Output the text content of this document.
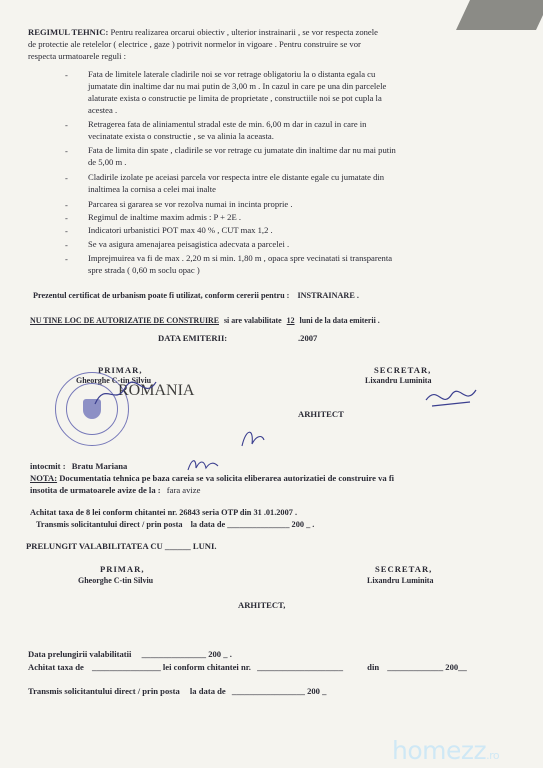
REGIMUL TEHNIC: Pentru realizarea orcarui obiectiv , ulterior instrainarii , se vor respecta zonele
de protectie ale retelelor ( electrice , gaze ) potrivit normelor in vigoare . Pentru construire se vor
respecta urmatoarele reguli :
- Fata de limitele laterale cladirile noi se vor retrage obligatoriu la o distanta egala cu
jumatate din inaltime dar nu mai putin de 3,00 m . In cazul in care pe una din parcelele
alaturate exista o constructie pe limita de proprietate , constructiile noi se pot cupla la
acestea .
- Retragerea fata de aliniamentul stradal este de min. 6,00 m dar in cazul in care in
vecinatate exista o constructie , se va alinia la aceasta.
- Fata de limita din spate , cladirile se vor retrage cu jumatate din inaltime dar nu mai putin
de 5,00 m .
- Cladirile izolate pe aceiasi parcela vor respecta intre ele distante egale cu jumatate din
inaltimea la cornisa a celei mai inalte
- Parcarea si gararea se vor rezolva numai in incinta proprie .
- Regimul de inaltime maxim admis : P + 2E .
- Indicatori urbanistici POT max 40 % , CUT max 1,2 .
- Se va asigura amenajarea peisagistica adecvata a parcelei .
- Imprejmuirea va fi de max . 2,20 m si min. 1,80 m , opaca spre vecinatati si transparenta
spre strada ( 0,60 m soclu opac )
Prezentul certificat de urbanism poate fi utilizat, conform cererii pentru : INSTRAINARE .
NU TINE LOC DE AUTORIZATIE DE CONSTRUIRE si are valabilitate 12 luni de la data emiterii .
DATA EMITERII:	.2007
PRIMAR,
Gheorghe C-tin Silviu
SECRETAR,
Lixandru Luminita
ARHITECT
ROMANIA
intocmit : Bratu Mariana
NOTA: Documentatia tehnica pe baza careia se va solicita eliberarea autorizatiei de construire va fi
insotita de urmatoarele avize de la : fara avize
Achitat taxa de 8 lei conform chitantei nr. 26843 seria OTP din 31 .01.2007 .
Transmis solicitantului direct / prin posta la data de _______________ 200 _ .
PRELUNGIT VALABILITATEA CU ______ LUNI.
PRIMAR,
Gheorghe C-tin Silviu
SECRETAR,
Lixandru Luminita
ARHITECT,
Data prelungirii valabilitatii _______________ 200 _ .
Achitat taxa de ________________ lei conform chitantei nr. ____________________	din _____________ 200__
Transmis solicitantului direct / prin posta la data de _________________ 200 _
homezz.ro
